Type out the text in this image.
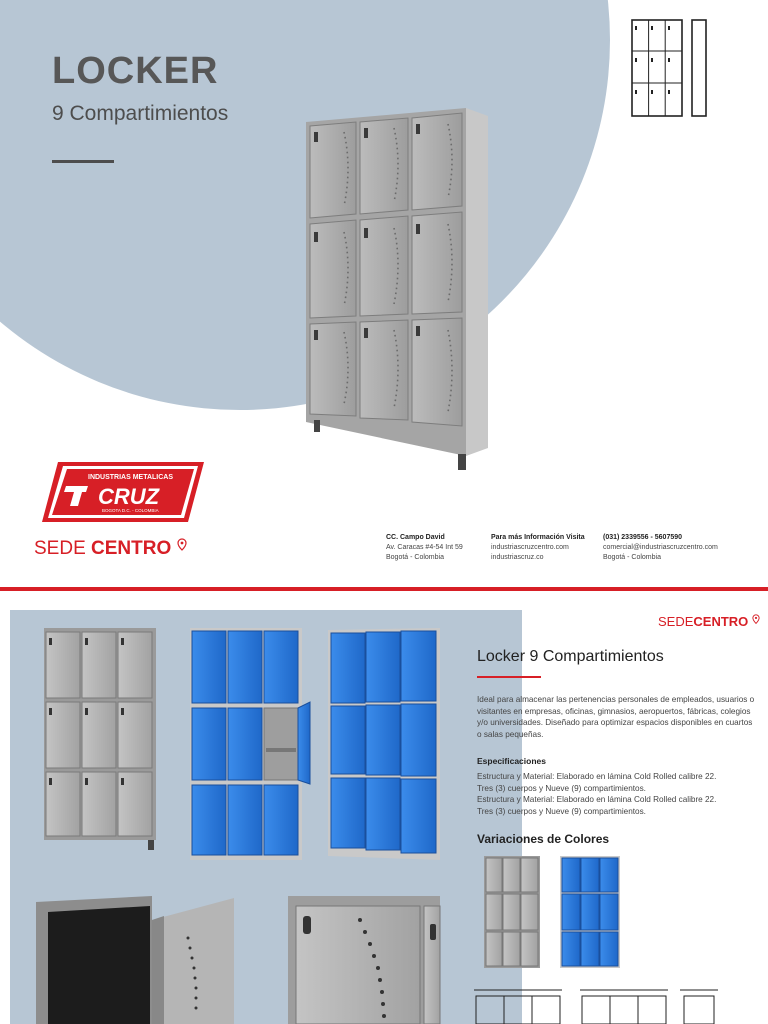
LOCKER
9 Compartimientos
INDUSTRIAS METALICAS
CRUZ
BOGOTA D.C. - COLOMBIA
®
SEDE CENTRO
CC. Campo David
Av. Caracas #4-54 Int 59
Bogotá - Colombia
Para más Información Visita
industriascruzcentro.com
industriascruz.co
(031) 2339556 - 5607590
comercial@industriascruzcentro.com
Bogotá - Colombia
SEDECENTRO
Locker 9 Compartimientos
Ideal para almacenar las pertenencias personales de empleados, usuarios o visitantes en empresas, oficinas, gimnasios, aeropuertos, fábricas, colegios y/o universidades. Diseñado para optimizar espacios disponibles en cuartos o salas pequeñas.
Especificaciones
Estructura y Material: Elaborado en lámina Cold Rolled calibre 22.
Tres (3) cuerpos y Nueve (9) compartimientos.
Estructura y Material: Elaborado en lámina Cold Rolled calibre 22.
Tres (3) cuerpos y Nueve (9) compartimientos.
Variaciones de Colores
